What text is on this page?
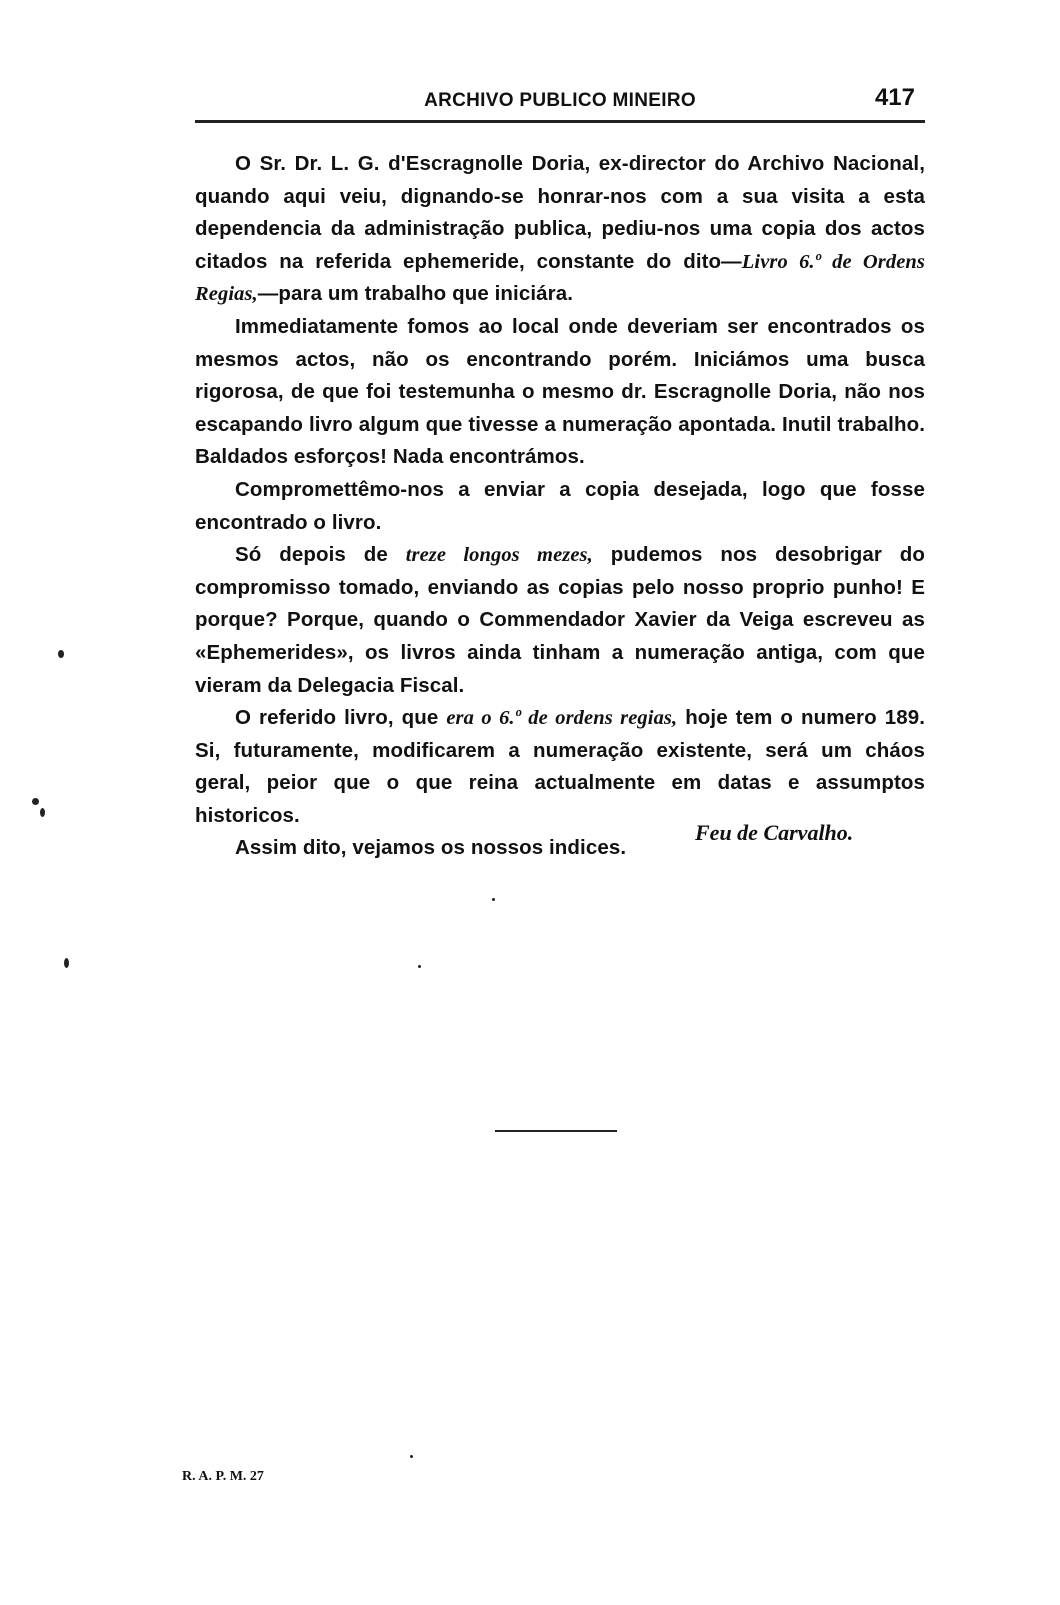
ARCHIVO PUBLICO MINEIRO	417

O Sr. Dr. L. G. d'Escragnolle Doria, ex-director do Archivo Nacional, quando aqui veiu, dignando-se honrar-nos com a sua visita a esta dependencia da administração publica, pediu-nos uma copia dos actos citados na referida ephemeride, constante do dito—Livro 6.º de Ordens Regias,—para um trabalho que iniciára.

Immediatamente fomos ao local onde deveriam ser encontrados os mesmos actos, não os encontrando porém. Iniciámos uma busca rigorosa, de que foi testemunha o mesmo dr. Escragnolle Doria, não nos escapando livro algum que tivesse a numeração apontada. Inutil trabalho. Baldados esforços! Nada encontrámos.

Compromettêmo-nos a enviar a copia desejada, logo que fosse encontrado o livro.

Só depois de treze longos mezes, pudemos nos desobrigar do compromisso tomado, enviando as copias pelo nosso proprio punho! E porque? Porque, quando o Commendador Xavier da Veiga escreveu as «Ephemerides», os livros ainda tinham a numeração antiga, com que vieram da Delegacia Fiscal.

O referido livro, que era o 6.º de ordens regias, hoje tem o numero 189. Si, futuramente, modificarem a numeração existente, será um cháos geral, peior que o que reina actualmente em datas e assumptos historicos.

Assim dito, vejamos os nossos indices.

Feu de Carvalho.
R. A. P. M. 27
